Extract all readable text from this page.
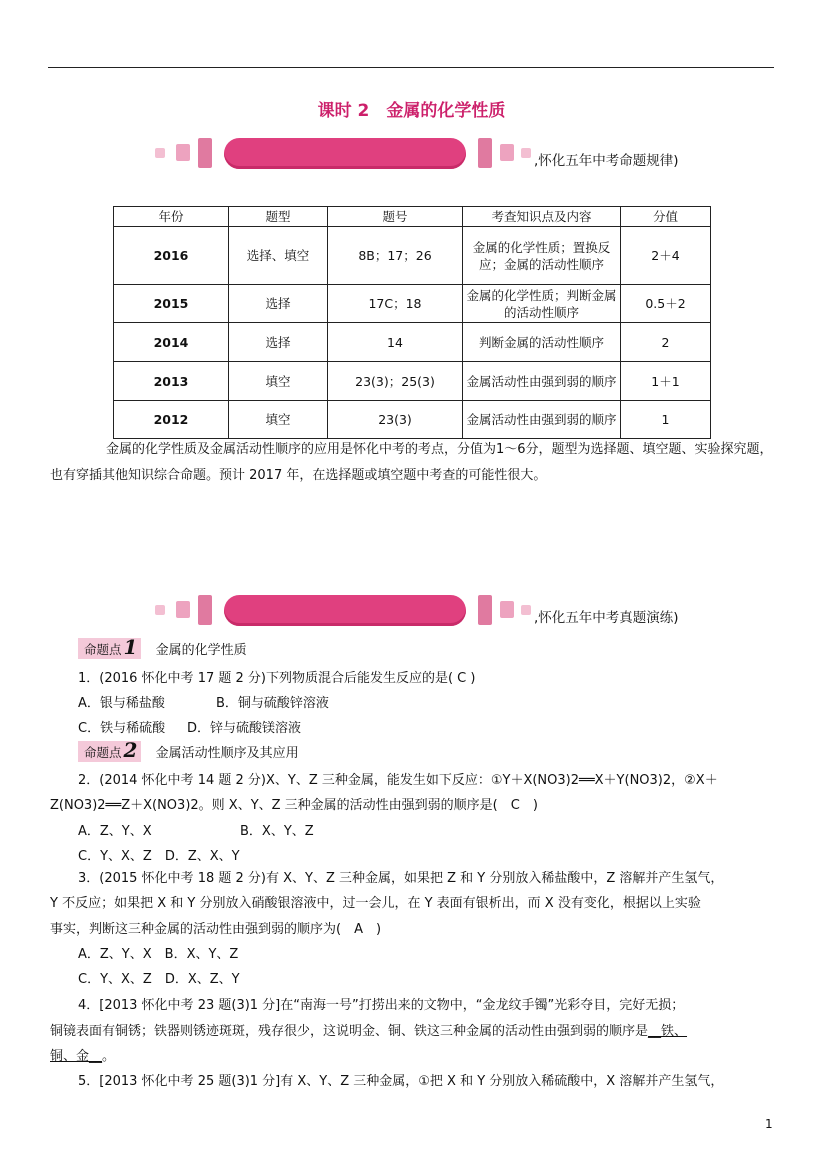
课时 2　金属的化学性质
,怀化五年中考命题规律)
年份	题型	题号	考查知识点及内容	分值
2016	选择、填空	8B；17；26	金属的化学性质；置换反应；金属的活动性顺序	2＋4
2015	选择	17C；18	金属的化学性质；判断金属的活动性顺序	0.5＋2
2014	选择	14	判断金属的活动性顺序	2
2013	填空	23(3)；25(3)	金属活动性由强到弱的顺序	1＋1
2012	填空	23(3)	金属活动性由强到弱的顺序	1
金属的化学性质及金属活动性顺序的应用是怀化中考的考点，分值为1～6分，题型为选择题、填空题、实验探究题，也有穿插其他知识综合命题。预计 2017 年，在选择题或填空题中考查的可能性很大。
,怀化五年中考真题演练)
命题点 1 金属的化学性质
1．(2016 怀化中考 17 题 2 分)下列物质混合后能发生反应的是( C )
A．银与稀盐酸	B．铜与硫酸锌溶液
C．铁与稀硫酸 D．锌与硫酸镁溶液
命题点 2 金属活动性顺序及其应用
2．(2014 怀化中考 14 题 2 分)X、Y、Z 三种金属，能发生如下反应：①Y＋X(NO3)2══X＋Y(NO3)2，②X＋
Z(NO3)2══Z＋X(NO3)2。则 X、Y、Z 三种金属的活动性由强到弱的顺序是(　C　)
A．Z、Y、X	B．X、Y、Z
C．Y、X、Z　D．Z、X、Y
3．(2015 怀化中考 18 题 2 分)有 X、Y、Z 三种金属，如果把 Z 和 Y 分别放入稀盐酸中，Z 溶解并产生氢气，
Y 不反应；如果把 X 和 Y 分别放入硝酸银溶液中，过一会儿，在 Y 表面有银析出，而 X 没有变化，根据以上实验
事实，判断这三种金属的活动性由强到弱的顺序为(　A　)
A．Z、Y、X　B．X、Y、Z
C．Y、X、Z　D．X、Z、Y
4．[2013 怀化中考 23 题(3)1 分]在“南海一号”打捞出来的文物中，“金龙纹手镯”光彩夺目，完好无损；
铜镜表面有铜锈；铁器则锈迹斑斑，残存很少，这说明金、铜、铁这三种金属的活动性由强到弱的顺序是__铁、
铜、金__。
5．[2013 怀化中考 25 题(3)1 分]有 X、Y、Z 三种金属，①把 X 和 Y 分别放入稀硫酸中，X 溶解并产生氢气，
1
